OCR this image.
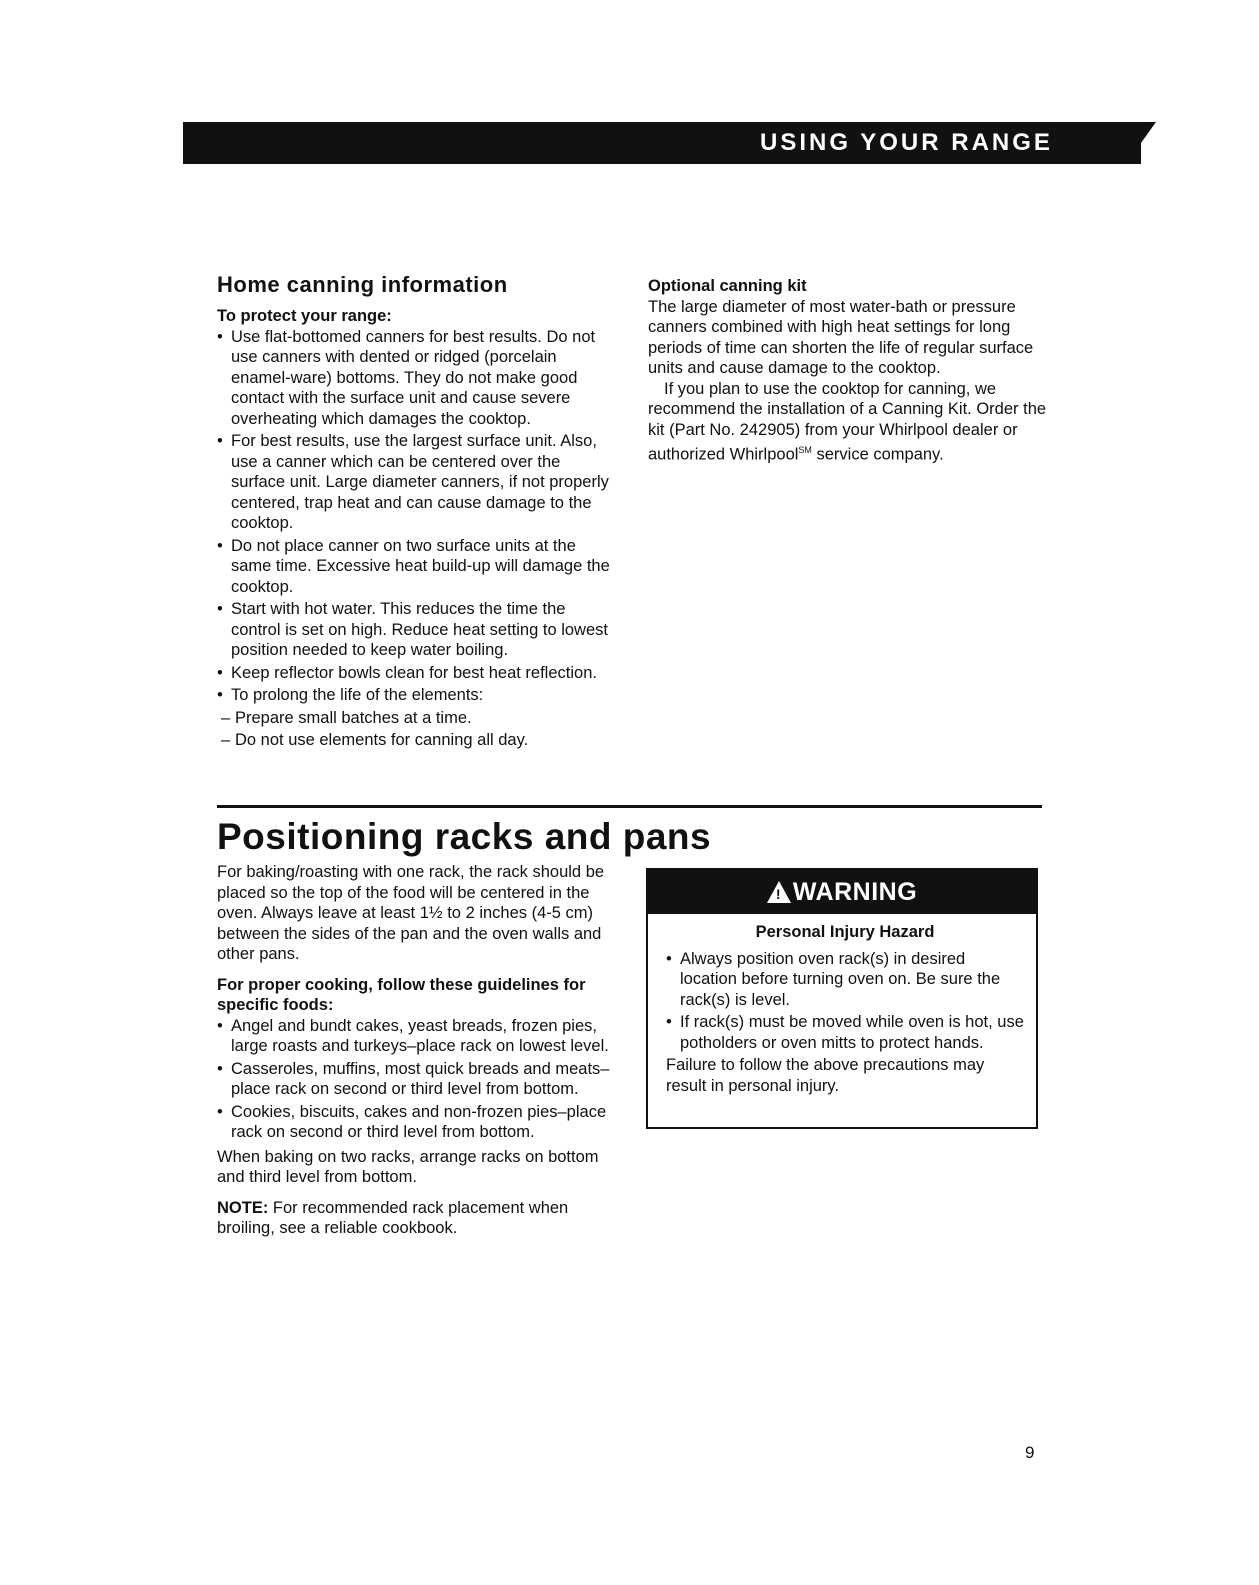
USING YOUR RANGE
Home canning information

To protect your range:

• Use flat-bottomed canners for best results. Do not use canners with dented or ridged (porcelain enamel-ware) bottoms. They do not make good contact with the surface unit and cause severe overheating which damages the cooktop.
• For best results, use the largest surface unit. Also, use a canner which can be centered over the surface unit. Large diameter canners, if not properly centered, trap heat and can cause damage to the cooktop.
• Do not place canner on two surface units at the same time. Excessive heat build-up will damage the cooktop.
• Start with hot water. This reduces the time the control is set on high. Reduce heat setting to lowest position needed to keep water boiling.
• Keep reflector bowls clean for best heat reflection.
• To prolong the life of the elements:
– Prepare small batches at a time.
– Do not use elements for canning all day.

Optional canning kit

The large diameter of most water-bath or pressure canners combined with high heat settings for long periods of time can shorten the life of regular surface units and cause damage to the cooktop.

If you plan to use the cooktop for canning, we recommend the installation of a Canning Kit. Order the kit (Part No. 242905) from your Whirlpool dealer or authorized Whirlpool℠ service company.

Positioning racks and pans

For baking/roasting with one rack, the rack should be placed so the top of the food will be centered in the oven. Always leave at least 1½ to 2 inches (4-5 cm) between the sides of the pan and the oven walls and other pans.

For proper cooking, follow these guidelines for specific foods:

• Angel and bundt cakes, yeast breads, frozen pies, large roasts and turkeys–place rack on lowest level.
• Casseroles, muffins, most quick breads and meats–place rack on second or third level from bottom.
• Cookies, biscuits, cakes and non-frozen pies–place rack on second or third level from bottom.

When baking on two racks, arrange racks on bottom and third level from bottom.

NOTE: For recommended rack placement when broiling, see a reliable cookbook.

! WARNING

Personal Injury Hazard

• Always position oven rack(s) in desired location before turning oven on. Be sure the rack(s) is level.
• If rack(s) must be moved while oven is hot, use potholders or oven mitts to protect hands.

Failure to follow the above precautions may result in personal injury.

9
